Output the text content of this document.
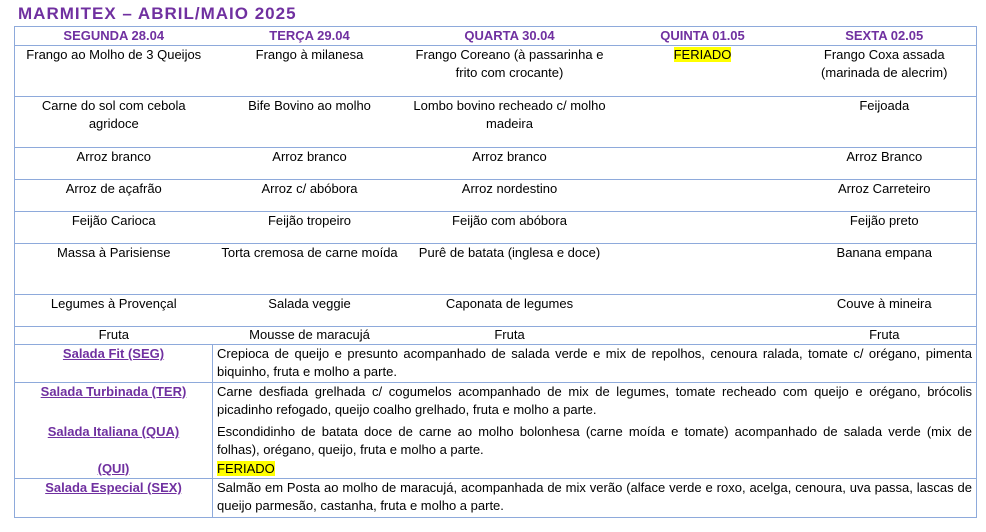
MARMITEX – ABRIL/MAIO 2025
SEGUNDA 28.04	TERÇA 29.04	QUARTA 30.04	QUINTA 01.05	SEXTA 02.05
Frango ao Molho de 3 Queijos	Frango à milanesa	Frango Coreano (à passarinha e frito com crocante)	FERIADO	Frango Coxa assada (marinada de alecrim)
Carne do sol com cebola agridoce	Bife Bovino ao molho	Lombo bovino recheado c/ molho madeira		Feijoada
Arroz branco	Arroz branco	Arroz branco		Arroz Branco
Arroz de açafrão	Arroz c/ abóbora	Arroz nordestino		Arroz Carreteiro
Feijão Carioca	Feijão tropeiro	Feijão com abóbora		Feijão preto
Massa à Parisiense	Torta cremosa de carne moída	Purê de batata (inglesa e doce)		Banana empana
Legumes à Provençal	Salada veggie	Caponata de legumes		Couve à mineira
Fruta	Mousse de maracujá	Fruta		Fruta
Salada Fit (SEG)	Crepioca de queijo e presunto acompanhado de salada verde e mix de repolhos, cenoura ralada, tomate c/ orégano, pimenta biquinho, fruta e molho a parte.			
Salada Turbinada (TER)	Carne desfiada grelhada c/ cogumelos acompanhado de mix de legumes, tomate recheado com queijo e orégano, brócolis picadinho refogado, queijo coalho grelhado, fruta e molho a parte.			
Salada Italiana (QUA)	Escondidinho de batata doce de carne ao molho bolonhesa (carne moída e tomate) acompanhado de salada verde (mix de folhas), orégano, queijo, fruta e molho a parte.			
(QUI)	FERIADO			
Salada Especial (SEX)	Salmão em Posta ao molho de maracujá, acompanhada de mix verão (alface verde e roxo, acelga, cenoura, uva passa, lascas de queijo parmesão, castanha, fruta e molho a parte.			
